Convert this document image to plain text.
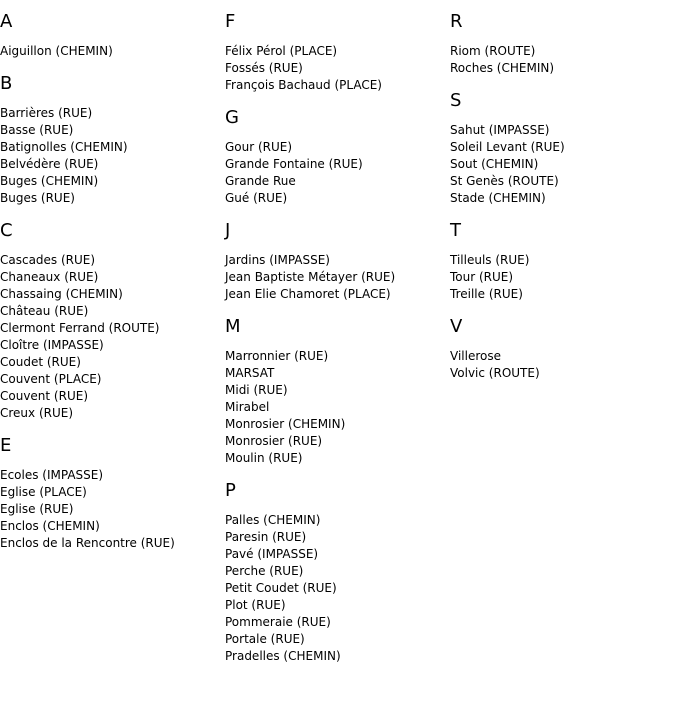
A
Aiguillon (CHEMIN)
B
Barrières (RUE)
Basse (RUE)
Batignolles (CHEMIN)
Belvédère (RUE)
Buges (CHEMIN)
Buges (RUE)
C
Cascades (RUE)
Chaneaux (RUE)
Chassaing (CHEMIN)
Château (RUE)
Clermont Ferrand (ROUTE)
Cloître (IMPASSE)
Coudet (RUE)
Couvent (PLACE)
Couvent (RUE)
Creux (RUE)
E
Ecoles (IMPASSE)
Eglise (PLACE)
Eglise (RUE)
Enclos (CHEMIN)
Enclos de la Rencontre (RUE)
F
Félix Pérol (PLACE)
Fossés (RUE)
François Bachaud (PLACE)
G
Gour (RUE)
Grande Fontaine (RUE)
Grande Rue
Gué (RUE)
J
Jardins (IMPASSE)
Jean Baptiste Métayer (RUE)
Jean Elie Chamoret (PLACE)
M
Marronnier (RUE)
MARSAT
Midi (RUE)
Mirabel
Monrosier (CHEMIN)
Monrosier (RUE)
Moulin (RUE)
P
Palles (CHEMIN)
Paresin (RUE)
Pavé (IMPASSE)
Perche (RUE)
Petit Coudet (RUE)
Plot (RUE)
Pommeraie (RUE)
Portale (RUE)
Pradelles (CHEMIN)
R
Riom (ROUTE)
Roches (CHEMIN)
S
Sahut (IMPASSE)
Soleil Levant (RUE)
Sout (CHEMIN)
St Genès (ROUTE)
Stade (CHEMIN)
T
Tilleuls (RUE)
Tour (RUE)
Treille (RUE)
V
Villerose
Volvic (ROUTE)
